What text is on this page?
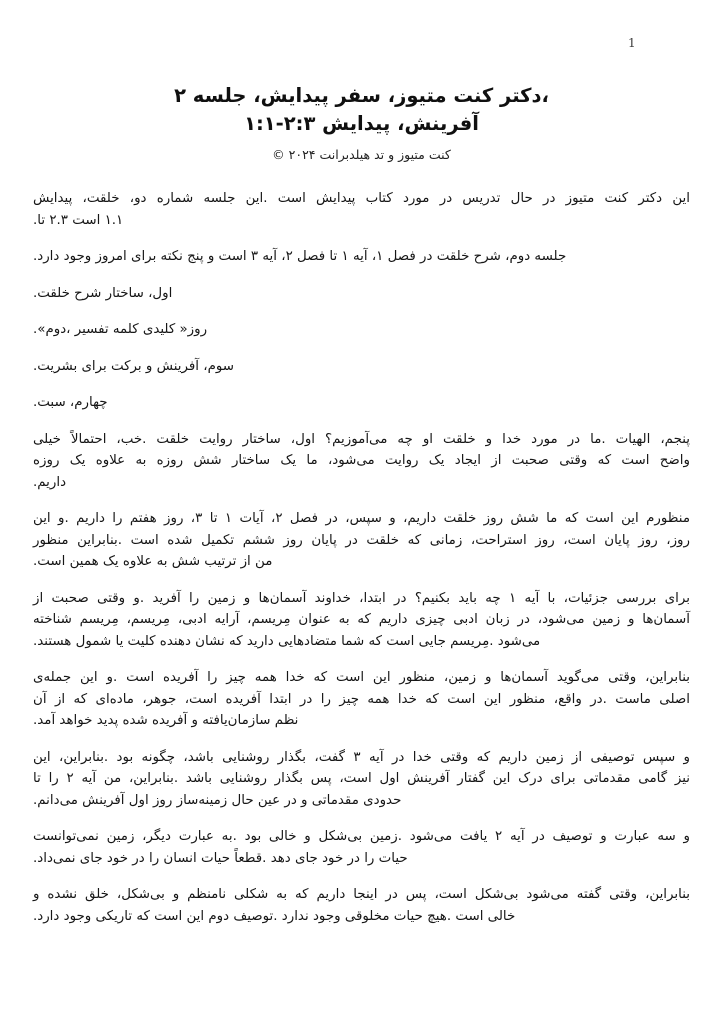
1
،دکتر کنت متیوز، سفر پیدایش، جلسه ۲
آفرینش، پیدایش ۲:۳-۱:۱
کنت متیوز و تد هیلدبرانت ۲۰۲۴ ©
این دکتر کنت متیوز در حال تدریس در مورد کتاب پیدایش است .این جلسه شماره دو، خلقت، پیدایش
۱.۱ است ۲.۳ تا.
جلسه دوم، شرح خلقت در فصل ۱، آیه ۱ تا فصل ۲، آیه ۳ است و پنج نکته برای امروز وجود دارد.
اول، ساختار شرح خلقت.
روز« کلیدی کلمه تفسیر ،دوم».
سوم، آفرینش و برکت برای بشریت.
چهارم، سبت.
پنجم، الهیات .ما در مورد خدا و خلقت او چه می‌آموزیم؟ اول، ساختار روایت خلقت .خب، احتمالاً خیلی
واضح است که وقتی صحبت از ایجاد یک روایت می‌شود، ما یک ساختار شش روزه به علاوه یک روزه
داریم.
منظورم این است که ما شش روز خلقت داریم، و سپس، در فصل ۲، آیات ۱ تا ۳، روز هفتم را داریم .و این
روز، روز پایان است، روز استراحت، زمانی که خلقت در پایان روز ششم تکمیل شده است .بنابراین منظور
من از ترتیب شش به علاوه یک همین است.
برای بررسی جزئیات، با آیه ۱ چه باید بکنیم؟ در ابتدا، خداوند آسمان‌ها و زمین را آفرید .و وقتی صحبت از
آسمان‌ها و زمین می‌شود، در زبان ادبی چیزی داریم که به عنوان مِریسم، آرایه ادبی، مِریسم، مِریسم شناخته
می‌شود .مِریسم جایی است که شما متضادهایی دارید که نشان دهنده کلیت یا شمول هستند.
بنابراین، وقتی می‌گوید آسمان‌ها و زمین، منظور این است که خدا همه چیز را آفریده است .و این جمله‌ی
اصلی ماست .در واقع، منظور این است که خدا همه چیز را در ابتدا آفریده است، جوهر، ماده‌ای که از آن
نظم سازمان‌یافته و آفریده شده پدید خواهد آمد.
و سپس توصیفی از زمین داریم که وقتی خدا در آیه ۳ گفت، بگذار روشنایی باشد، چگونه بود .بنابراین، این
نیز گامی مقدماتی برای درک این گفتار آفرینش اول است، پس بگذار روشنایی باشد .بنابراین، من آیه ۲ را تا
حدودی مقدماتی و در عین حال زمینه‌ساز روز اول آفرینش می‌دانم.
و سه عبارت و توصیف در آیه ۲ یافت می‌شود .زمین بی‌شکل و خالی بود .به عبارت دیگر، زمین نمی‌توانست
حیات را در خود جای دهد .قطعاً حیات انسان را در خود جای نمی‌داد.
بنابراین، وقتی گفته می‌شود بی‌شکل است، پس در اینجا داریم که به شکلی نامنظم و بی‌شکل، خلق نشده و
خالی است .هیچ حیات مخلوقی وجود ندارد .توصیف دوم این است که تاریکی وجود دارد.
